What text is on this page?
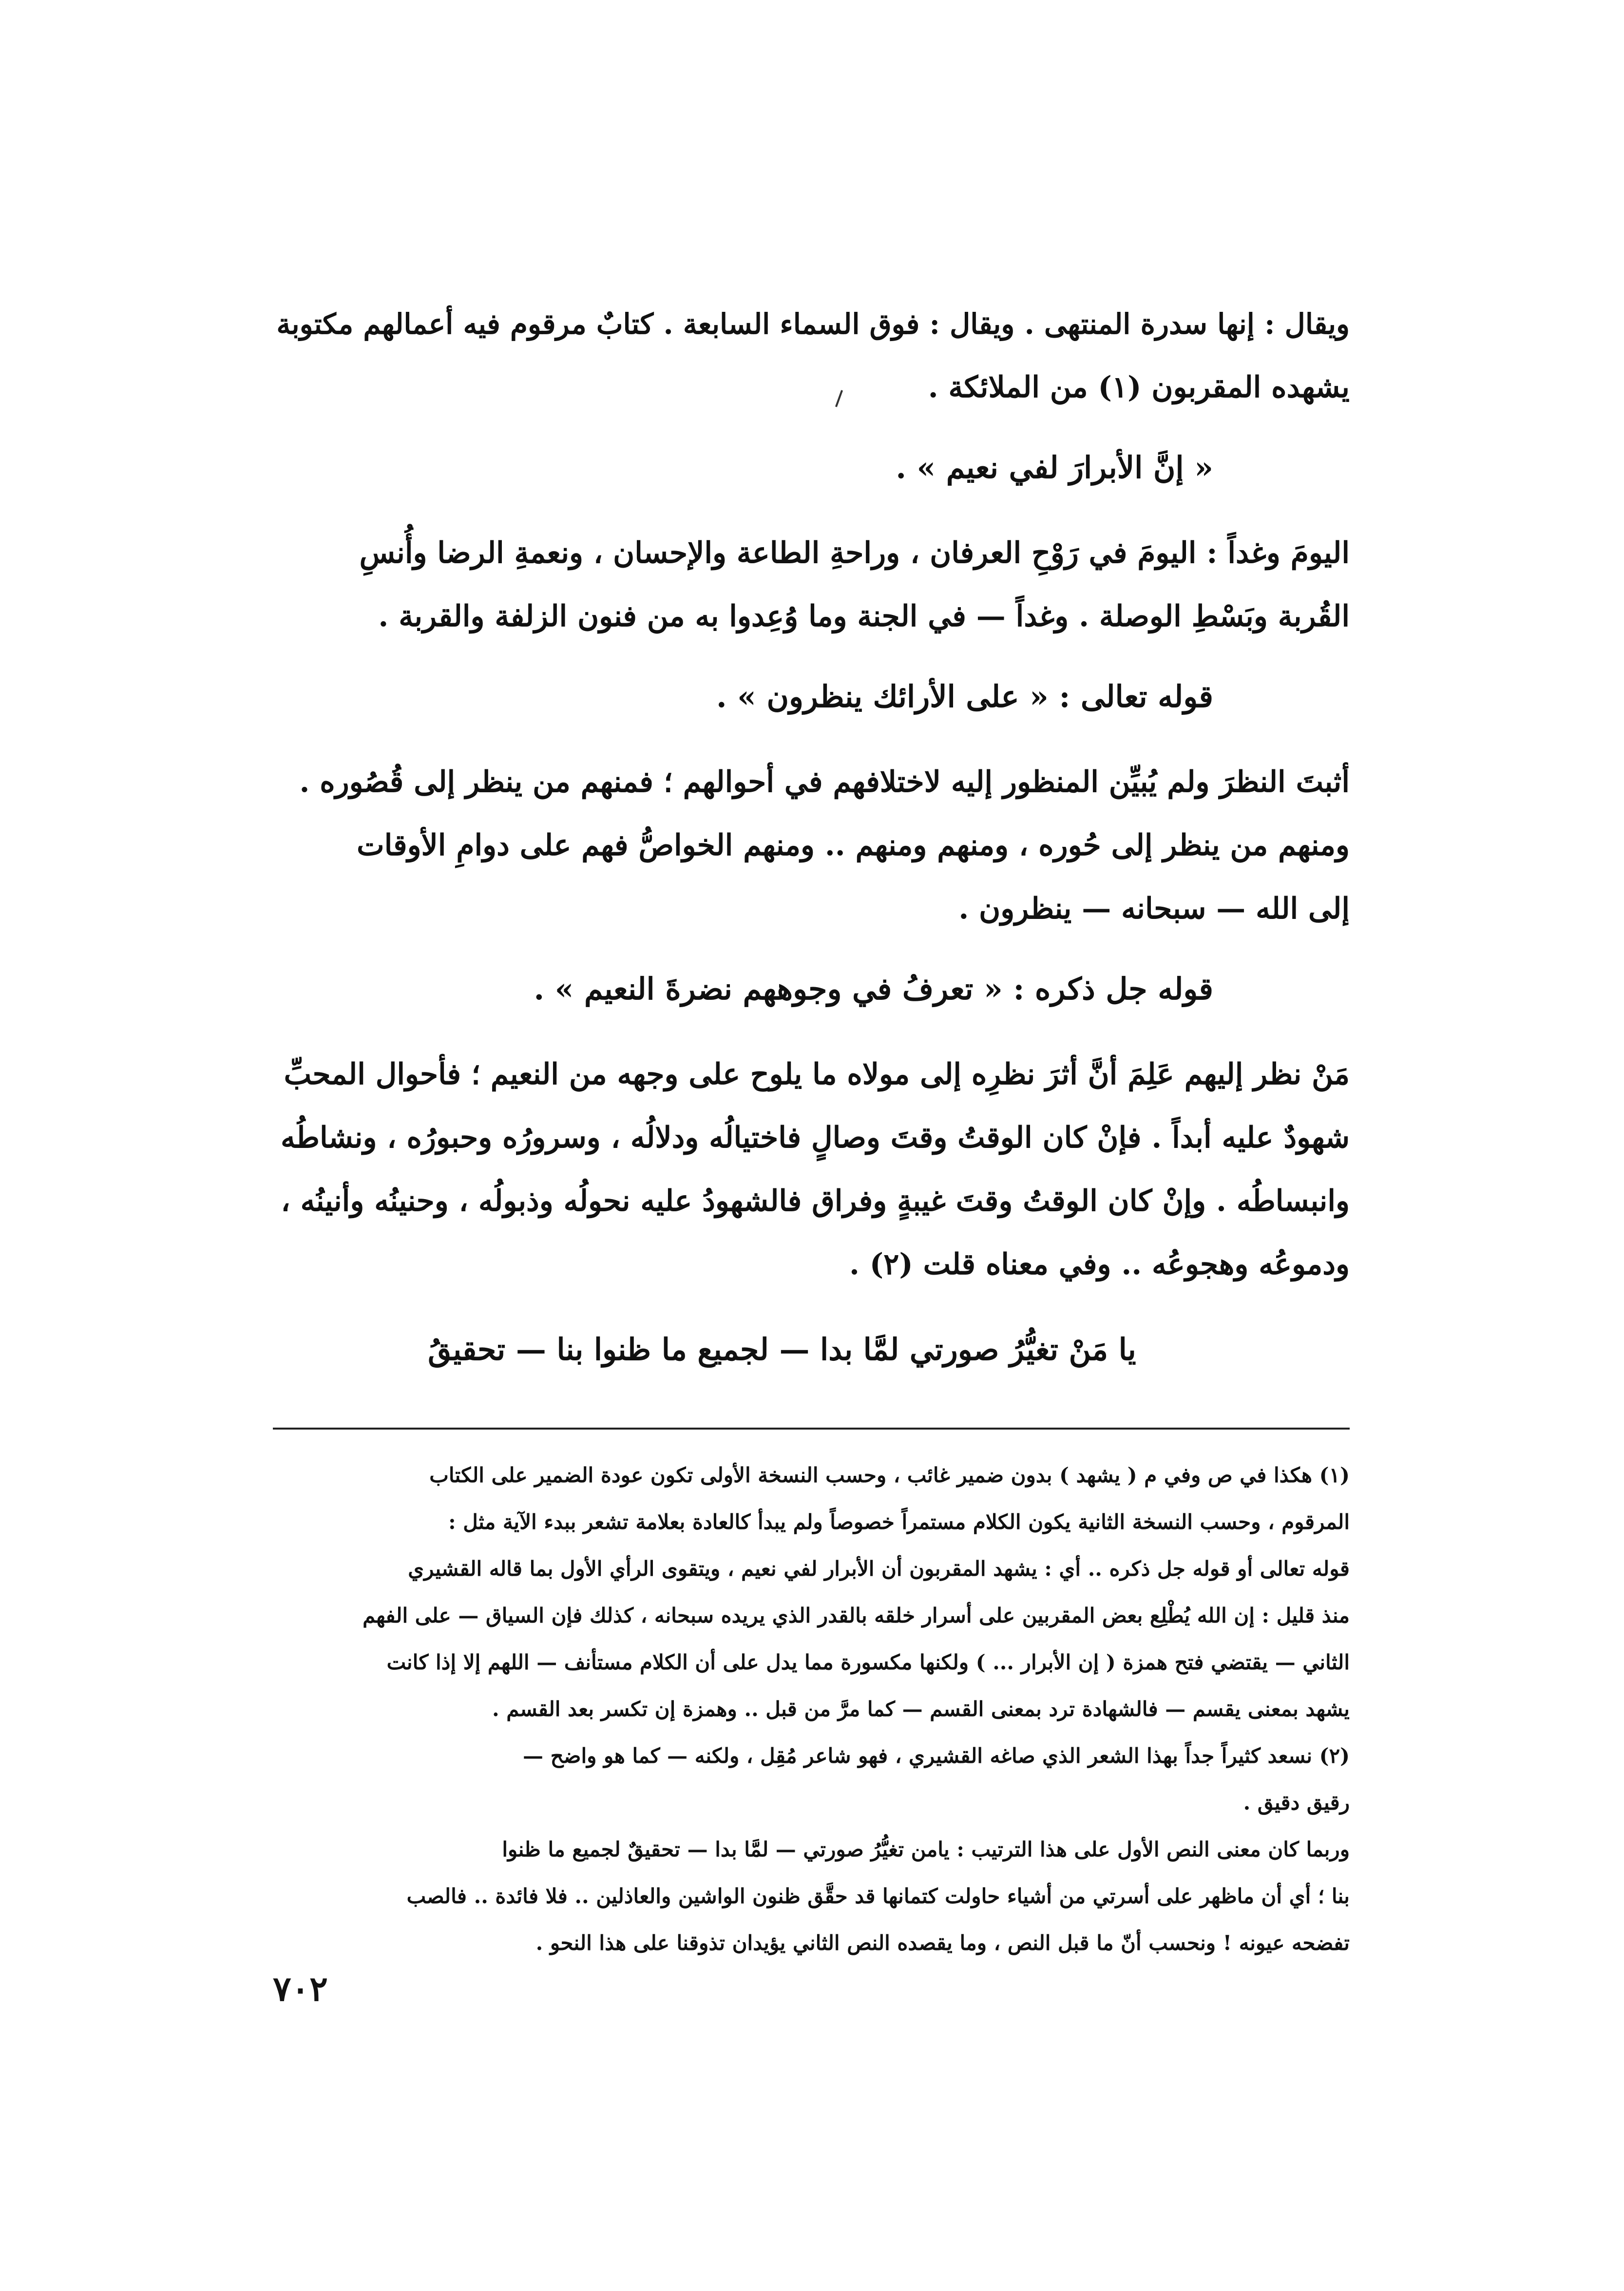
ويقال : إنها سدرة المنتهى . ويقال : فوق السماء السابعة . كتابٌ مرقوم فيه أعمالهم مكتوبة
يشهده المقربون (١) من الملائكة .
« إنَّ الأبرارَ لفي نعيم » .
اليومَ وغداً : اليومَ في رَوْحِ العرفان ، وراحةِ الطاعة والإحسان ، ونعمةِ الرضا وأُنسِ
القُربة وبَسْطِ الوصلة . وغداً — في الجنة وما وُعِدوا به من فنون الزلفة والقربة .
قوله تعالى : « على الأرائك ينظرون » .
أثبتَ النظرَ ولم يُبيِّن المنظور إليه لاختلافهم في أحوالهم ؛ فمنهم من ينظر إلى قُصُوره .
ومنهم من ينظر إلى حُوره ، ومنهم ومنهم .. ومنهم الخواصُّ فهم على دوامِ الأوقات
إلى الله — سبحانه — ينظرون .
قوله جل ذكره : « تعرفُ في وجوههم نضرةَ النعيم » .
مَنْ نظر إليهم عَلِمَ أنَّ أثرَ نظرِه إلى مولاه ما يلوح على وجهه من النعيم ؛ فأحوال المحبِّ
شهودٌ عليه أبداً . فإنْ كان الوقتُ وقتَ وصالٍ فاختيالُه ودلالُه ، وسرورُه وحبورُه ، ونشاطُه
وانبساطُه . وإنْ كان الوقتُ وقتَ غيبةٍ وفراق فالشهودُ عليه نحولُه وذبولُه ، وحنينُه وأنينُه ،
ودموعُه وهجوعُه .. وفي معناه قلت (٢) .
يا مَنْ تغيُّرُ صورتي لمَّا بدا — لجميع ما ظنوا بنا — تحقيقُ
(١) هكذا في ص وفي م ( يشهد ) بدون ضمير غائب ، وحسب النسخة الأولى تكون عودة الضمير على الكتاب
المرقوم ، وحسب النسخة الثانية يكون الكلام مستمراً خصوصاً ولم يبدأ كالعادة بعلامة تشعر ببدء الآية مثل :
قوله تعالى أو قوله جل ذكره .. أي : يشهد المقربون أن الأبرار لفي نعيم ، ويتقوى الرأي الأول بما قاله القشيري
منذ قليل : إن الله يُطْلِع بعض المقربين على أسرار خلقه بالقدر الذي يريده سبحانه ، كذلك فإن السياق — على الفهم
الثاني — يقتضي فتح همزة ( إن الأبرار ... ) ولكنها مكسورة مما يدل على أن الكلام مستأنف — اللهم إلا إذا كانت
يشهد بمعنى يقسم — فالشهادة ترد بمعنى القسم — كما مرَّ من قبل .. وهمزة إن تكسر بعد القسم .
(٢) نسعد كثيراً جداً بهذا الشعر الذي صاغه القشيري ، فهو شاعر مُقِل ، ولكنه — كما هو واضح —
رقيق دقيق .
وربما كان معنى النص الأول على هذا الترتيب : يامن تغيُّرُ صورتي — لمَّا بدا — تحقيقٌ لجميع ما ظنوا
بنا ؛ أي أن ماظهر على أسرتي من أشياء حاولت كتمانها قد حقَّق ظنون الواشين والعاذلين .. فلا فائدة .. فالصب
تفضحه عيونه ! ونحسب أنّ ما قبل النص ، وما يقصده النص الثاني يؤيدان تذوقنا على هذا النحو .
٧٠٢
